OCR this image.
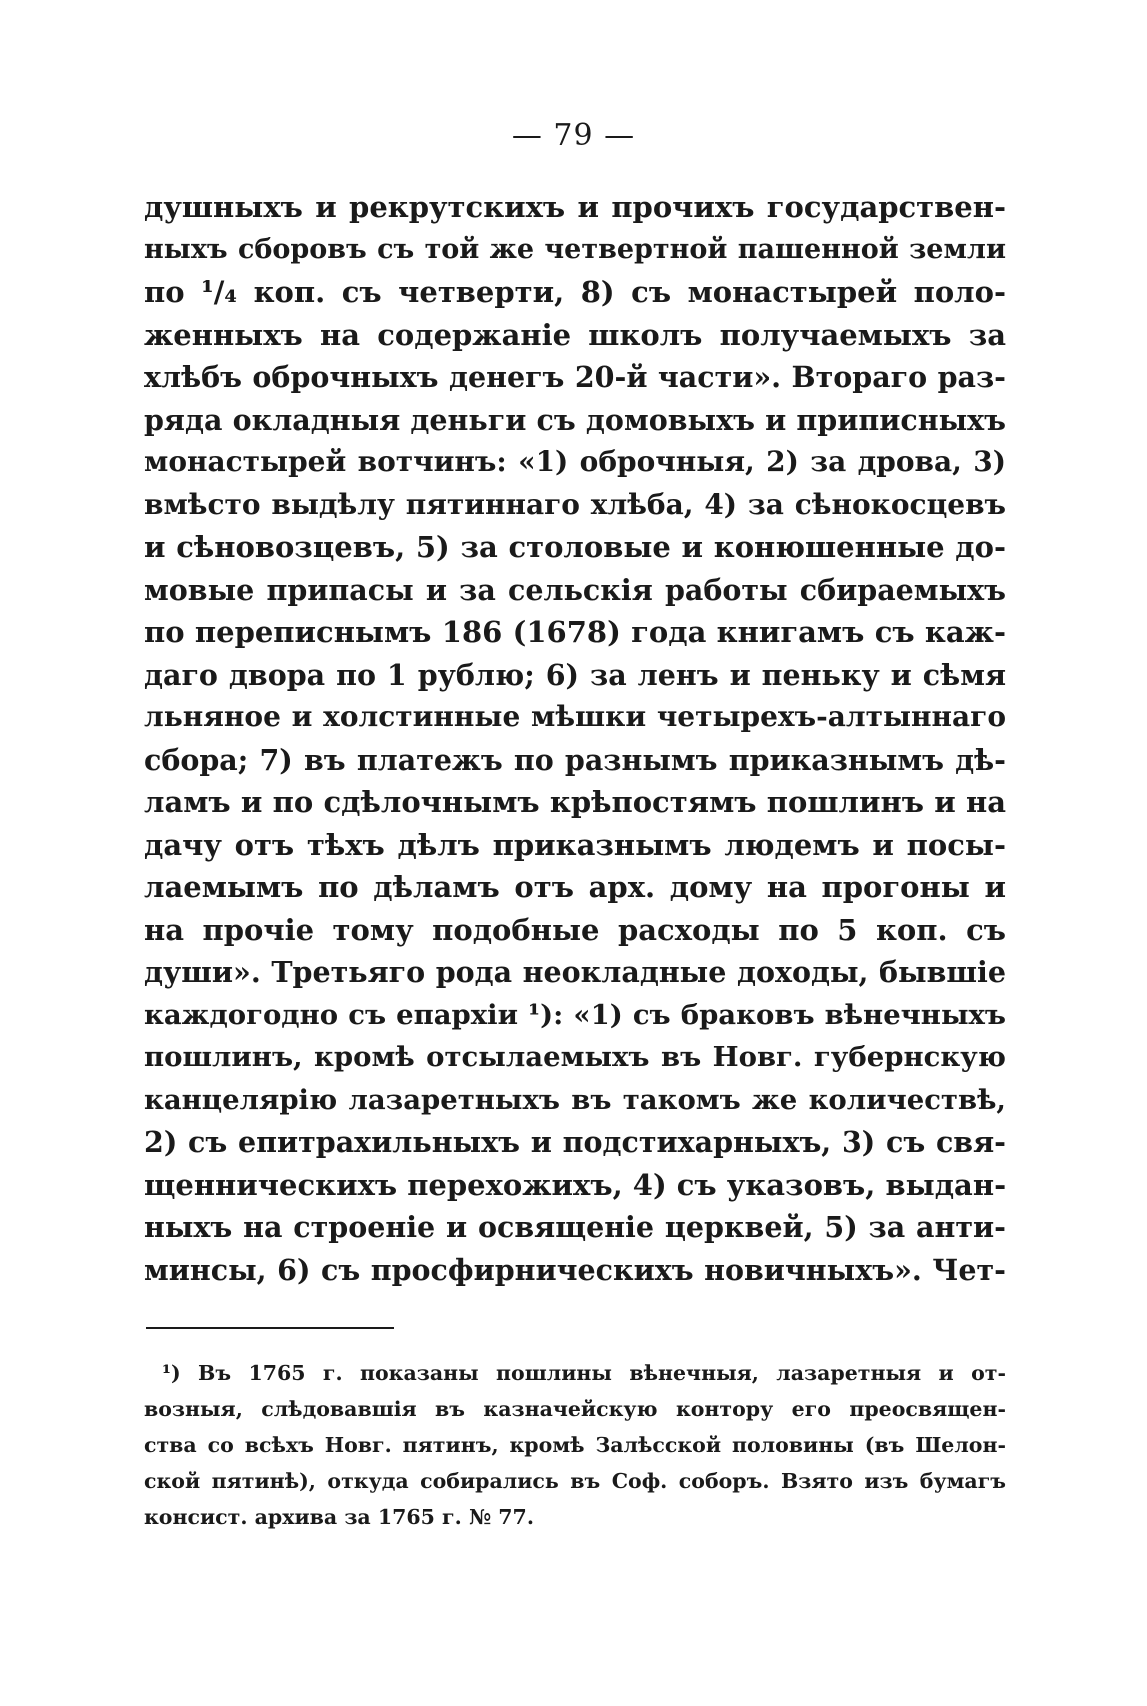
— 79 —
душныхъ и рекрутскихъ и прочихъ государствен-
ныхъ сборовъ съ той же четвертной пашенной земли
по ¹/₄ коп. съ четверти, 8) съ монастырей поло-
женныхъ на содержаніе школъ получаемыхъ за
хлѣбъ оброчныхъ денегъ 20-й части». Втораго раз-
ряда окладныя деньги съ домовыхъ и приписныхъ
монастырей вотчинъ: «1) оброчныя, 2) за дрова, 3)
вмѣсто выдѣлу пятиннаго хлѣба, 4) за сѣнокосцевъ
и сѣновозцевъ, 5) за столовые и конюшенные до-
мовые припасы и за сельскія работы сбираемыхъ
по переписнымъ 186 (1678) года книгамъ съ каж-
даго двора по 1 рублю; 6) за ленъ и пеньку и сѣмя
льняное и холстинные мѣшки четырехъ-алтыннаго
сбора; 7) въ платежъ по разнымъ приказнымъ дѣ-
ламъ и по сдѣлочнымъ крѣпостямъ пошлинъ и на
дачу отъ тѣхъ дѣлъ приказнымъ людемъ и посы-
лаемымъ по дѣламъ отъ арх. дому на прогоны и
на прочіе тому подобные расходы по 5 коп. съ
души». Третьяго рода неокладные доходы, бывшіе
каждогодно съ епархіи ¹): «1) съ браковъ вѣнечныхъ
пошлинъ, кромѣ отсылаемыхъ въ Новг. губернскую
канцелярію лазаретныхъ въ такомъ же количествѣ,
2) съ епитрахильныхъ и подстихарныхъ, 3) съ свя-
щенническихъ перехожихъ, 4) съ указовъ, выдан-
ныхъ на строеніе и освященіе церквей, 5) за анти-
минсы, 6) съ просфирническихъ новичныхъ». Чет-
¹) Въ 1765 г. показаны пошлины вѣнечныя, лазаретныя и от-
возныя, слѣдовавшія въ казначейскую контору его преосвящен-
ства со всѣхъ Новг. пятинъ, кромѣ Залѣсской половины (въ Шелон-
ской пятинѣ), откуда собирались въ Соф. соборъ. Взято изъ бумагъ
консист. архива за 1765 г. № 77.
